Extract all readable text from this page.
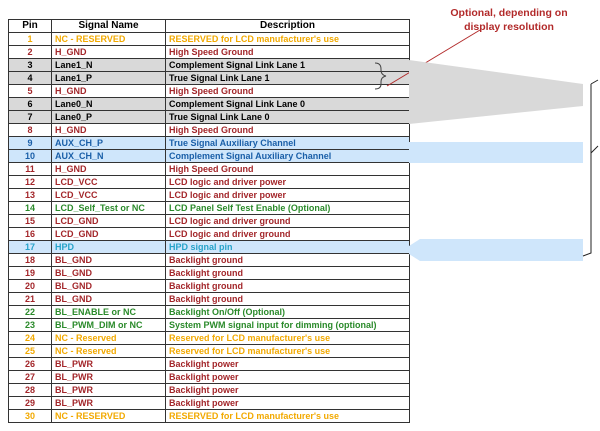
Pin	Signal Name	Description
1	NC - RESERVED	RESERVED for LCD manufacturer's use
2	H_GND	High Speed Ground
3	Lane1_N	Complement Signal Link Lane 1
4	Lane1_P	True Signal Link Lane 1
5	H_GND	High Speed Ground
6	Lane0_N	Complement Signal Link Lane 0
7	Lane0_P	True Signal Link Lane 0
8	H_GND	High Speed Ground
9	AUX_CH_P	True Signal Auxiliary Channel
10	AUX_CH_N	Complement Signal Auxiliary Channel
11	H_GND	High Speed Ground
12	LCD_VCC	LCD logic and driver power
13	LCD_VCC	LCD logic and driver power
14	LCD_Self_Test or NC	LCD Panel Self Test Enable (Optional)
15	LCD_GND	LCD logic and driver ground
16	LCD_GND	LCD logic and driver ground
17	HPD	HPD signal pin
18	BL_GND	Backlight ground
19	BL_GND	Backlight ground
20	BL_GND	Backlight ground
21	BL_GND	Backlight ground
22	BL_ENABLE or NC	Backlight On/Off (Optional)
23	BL_PWM_DIM or NC	System PWM signal input for dimming (optional)
24	NC - Reserved	Reserved for LCD manufacturer's use
25	NC - Reserved	Reserved for LCD manufacturer's use
26	BL_PWR	Backlight power
27	BL_PWR	Backlight power
28	BL_PWR	Backlight power
29	BL_PWR	Backlight power
30	NC - RESERVED	RESERVED for LCD manufacturer's use
Optional, depending on
display resolution
